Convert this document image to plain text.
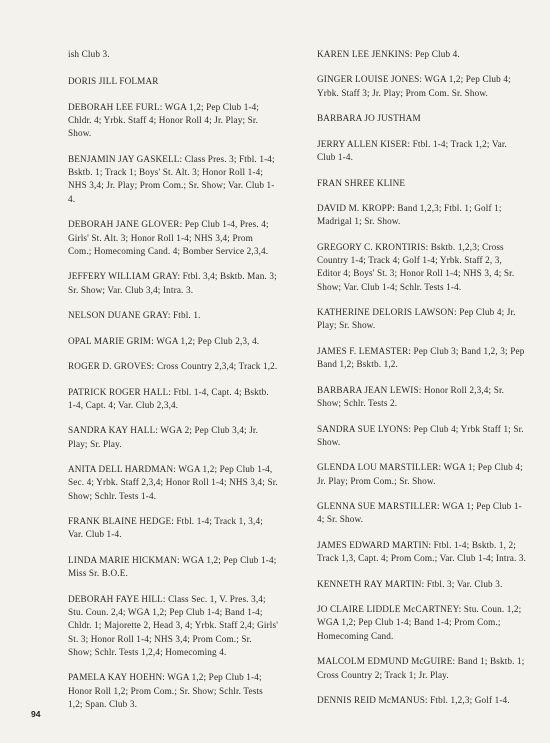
ish Club 3.

DORIS JILL FOLMAR

DEBORAH LEE FURL: WGA 1,2; Pep Club 1-4; Chldr. 4; Yrbk. Staff 4; Honor Roll 4; Jr. Play; Sr. Show.

BENJAMIN JAY GASKELL: Class Pres. 3; Ftbl. 1-4; Bsktb. 1; Track 1; Boys' St. Alt. 3; Honor Roll 1-4; NHS 3,4; Jr. Play; Prom Com.; Sr. Show; Var. Club 1-4.

DEBORAH JANE GLOVER: Pep Club 1-4, Pres. 4; Girls' St. Alt. 3; Honor Roll 1-4; NHS 3,4; Prom Com.; Homecoming Cand. 4; Bomber Service 2,3,4.

JEFFERY WILLIAM GRAY: Ftbl. 3,4; Bsktb. Man. 3; Sr. Show; Var. Club 3,4; Intra. 3.

NELSON DUANE GRAY: Ftbl. 1.

OPAL MARIE GRIM: WGA 1,2; Pep Club 2,3, 4.

ROGER D. GROVES: Cross Country 2,3,4; Track 1,2.

PATRICK ROGER HALL: Ftbl. 1-4, Capt. 4; Bsktb. 1-4, Capt. 4; Var. Club 2,3,4.

SANDRA KAY HALL: WGA 2; Pep Club 3,4; Jr. Play; Sr. Play.

ANITA DELL HARDMAN: WGA 1,2; Pep Club 1-4, Sec. 4; Yrbk. Staff 2,3,4; Honor Roll 1-4; NHS 3,4; Sr. Show; Schlr. Tests 1-4.

FRANK BLAINE HEDGE: Ftbl. 1-4; Track 1, 3,4; Var. Club 1-4.

LINDA MARIE HICKMAN: WGA 1,2; Pep Club 1-4; Miss Sr. B.O.E.

DEBORAH FAYE HILL: Class Sec. 1, V. Pres. 3,4; Stu. Coun. 2,4; WGA 1,2; Pep Club 1-4; Band 1-4; Chldr. 1; Majorette 2, Head 3, 4; Yrbk. Staff 2,4; Girls' St. 3; Honor Roll 1-4; NHS 3,4; Prom Com.; Sr. Show; Schlr. Tests 1,2,4; Homecoming 4.

PAMELA KAY HOEHN: WGA 1,2; Pep Club 1-4; Honor Roll 1,2; Prom Com.; Sr. Show; Schlr. Tests 1,2; Span. Club 3.

KAREN LEE JENKINS: Pep Club 4.

GINGER LOUISE JONES: WGA 1,2; Pep Club 4; Yrbk. Staff 3; Jr. Play; Prom Com. Sr. Show.

BARBARA JO JUSTHAM

JERRY ALLEN KISER: Ftbl. 1-4; Track 1,2; Var. Club 1-4.

FRAN SHREE KLINE

DAVID M. KROPP: Band 1,2,3; Ftbl. 1; Golf 1; Madrigal 1; Sr. Show.

GREGORY C. KRONTIRIS: Bsktb. 1,2,3; Cross Country 1-4; Track 4; Golf 1-4; Yrbk. Staff 2, 3, Editor 4; Boys' St. 3; Honor Roll 1-4; NHS 3, 4; Sr. Show; Var. Club 1-4; Schlr. Tests 1-4.

KATHERINE DELORIS LAWSON: Pep Club 4; Jr. Play; Sr. Show.

JAMES F. LEMASTER: Pep Club 3; Band 1,2, 3; Pep Band 1,2; Bsktb. 1,2.

BARBARA JEAN LEWIS: Honor Roll 2,3,4; Sr. Show; Schlr. Tests 2.

SANDRA SUE LYONS: Pep Club 4; Yrbk Staff 1; Sr. Show.

GLENDA LOU MARSTILLER: WGA 1; Pep Club 4; Jr. Play; Prom Com.; Sr. Show.

GLENNA SUE MARSTILLER: WGA 1; Pep Club 1-4; Sr. Show.

JAMES EDWARD MARTIN: Ftbl. 1-4; Bsktb. 1, 2; Track 1,3, Capt. 4; Prom Com.; Var. Club 1-4; Intra. 3.

KENNETH RAY MARTIN: Ftbl. 3; Var. Club 3.

JO CLAIRE LIDDLE McCARTNEY: Stu. Coun. 1,2; WGA 1,2; Pep Club 1-4; Band 1-4; Prom Com.; Homecoming Cand.

MALCOLM EDMUND McGUIRE: Band 1; Bsktb. 1; Cross Country 2; Track 1; Jr. Play.

DENNIS REID McMANUS: Ftbl. 1,2,3; Golf 1-4.

94
